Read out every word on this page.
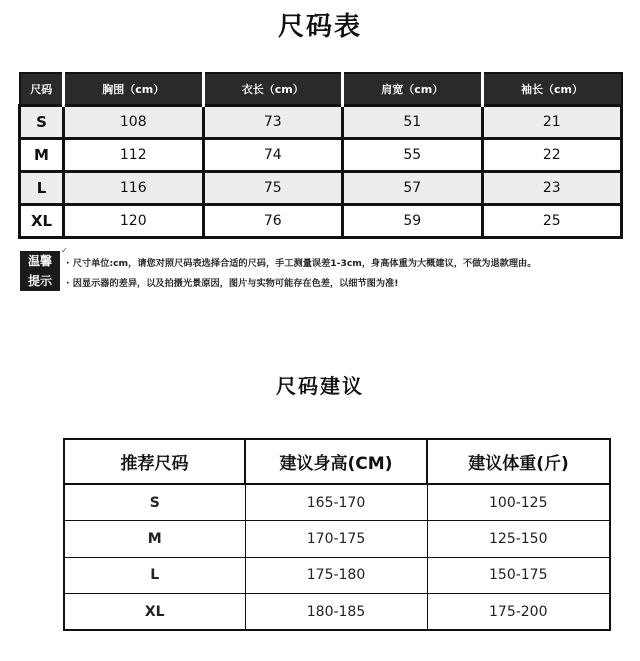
尺码表
尺码	胸围（cm）	衣长（cm）	肩宽（cm）	袖长（cm）
S	108	73	51	21
M	112	74	55	22
L	116	75	57	23
XL	120	76	59	25
温馨
提示
✓
· 尺寸单位:cm，请您对照尺码表选择合适的尺码，手工测量误差1-3cm，身高体重为大概建议，不做为退款理由。
· 因显示器的差异，以及拍摄光景原因，图片与实物可能存在色差，以细节图为准!
尺码建议
推荐尺码	建议身高(CM)	建议体重(斤)
S	165-170	100-125
M	170-175	125-150
L	175-180	150-175
XL	180-185	175-200
